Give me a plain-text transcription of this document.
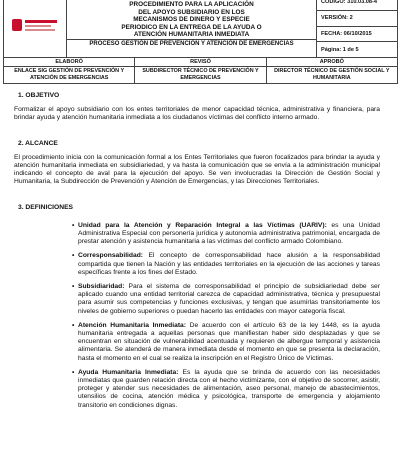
PROCEDIMIENTO PARA LA APLICACIÓN
DEL APOYO SUBSIDIARIO EN LOS
MECANISMOS DE DINERO Y ESPECIE
PERIODICO EN LA ENTREGA DE LA AYUDA O
ATENCIÓN HUMANITARIA INMEDIATA
PROCESO GESTIÓN DE PREVENCIÓN Y ATENCIÓN DE EMERGENCIAS
CÓDIGO: 310.03.08-4
VERSIÓN: 2
FECHA: 06/10/2015
Página: 1 de 5
ELABORÓ	REVISÓ	APROBÓ
ENLACE SIG GESTIÓN DE PREVENCIÓN Y ATENCIÓN DE EMERGENCIAS
SUBDIRECTOR TÉCNICO DE PREVENCIÓN Y EMERGENCIAS
DIRECTOR TÉCNICO DE GESTIÓN SOCIAL Y HUMANITARIA
1. OBJETIVO

Formalizar el apoyo subsidiario con los entes territoriales de menor capacidad técnica, administrativa y financiera, para brindar ayuda y atención humanitaria inmediata a los ciudadanos víctimas del conflicto interno armado.

2. ALCANCE

El procedimiento inicia con la comunicación formal a los Entes Territoriales que fueron focalizados para brindar la ayuda y atención humanitaria inmediata en subsidiariedad, y va hasta la comunicación que se envía a la administración municipal indicando el concepto de aval para la ejecución del apoyo. Se ven involucradas la Dirección de Gestión Social y Humanitaria, la Subdirección de Prevención y Atención de Emergencias, y las Direcciones Territoriales.

3. DEFINICIONES
• Unidad para la Atención y Reparación Integral a las Víctimas (UARIV): es una Unidad Administrativa Especial con personería jurídica y autonomía administrativa patrimonial, encargada de prestar atención y asistencia humanitaria a las víctimas del conflicto armado Colombiano.
• Corresponsabilidad: El concepto de corresponsabilidad hace alusión a la responsabilidad compartida que tienen la Nación y las entidades territoriales en la ejecución de las acciones y tareas específicas frente a los fines del Estado.
• Subsidiaridad: Para el sistema de corresponsabilidad el principio de subsidiariedad debe ser aplicado cuando una entidad territorial carezca de capacidad administrativa, técnica y presupuestal para asumir sus competencias y funciones exclusivas, y tengan que asumirlas transitoriamente los niveles de gobierno superiores o puedan hacerlo las entidades con mayor categoría fiscal.
• Atención Humanitaria Inmediata: De acuerdo con el artículo 63 de la ley 1448, es la ayuda humanitaria entregada a aquellas personas que manifiestan haber sido desplazadas y que se encuentran en situación de vulnerabilidad acentuada y requieren de albergue temporal y asistencia alimentaria. Se atenderá de manera inmediata desde el momento en que se presenta la declaración, hasta el momento en el cual se realiza la inscripción en el Registro Único de Víctimas.
• Ayuda Humanitaria Inmediata: Es la ayuda que se brinda de acuerdo con las necesidades inmediatas que guarden relación directa con el hecho victimizante, con el objetivo de socorrer, asistir, proteger y atender sus necesidades de alimentación, aseo personal, manejo de abastecimientos, utensilios de cocina, atención médica y psicológica, transporte de emergencia y alojamiento transitorio en condiciones dignas.
